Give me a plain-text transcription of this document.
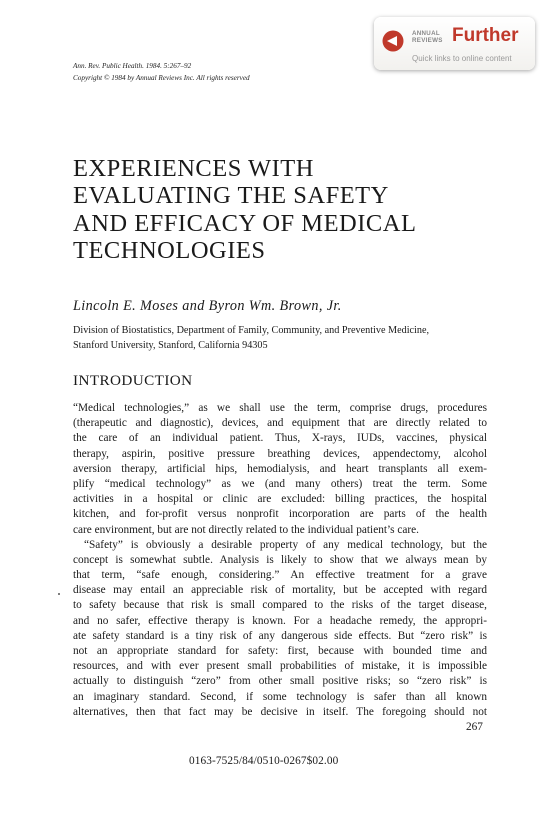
Ann. Rev. Public Health. 1984. 5:267–92
Copyright © 1984 by Annual Reviews Inc. All rights reserved
ANNUAL
REVIEWS Further
Quick links to online content
EXPERIENCES WITH
EVALUATING THE SAFETY
AND EFFICACY OF MEDICAL
TECHNOLOGIES
Lincoln E. Moses and Byron Wm. Brown, Jr.
Division of Biostatistics, Department of Family, Community, and Preventive Medicine,
Stanford University, Stanford, California 94305
INTRODUCTION

“Medical technologies,” as we shall use the term, comprise drugs, procedures
(therapeutic and diagnostic), devices, and equipment that are directly related to
the care of an individual patient. Thus, X-rays, IUDs, vaccines, physical
therapy, aspirin, positive pressure breathing devices, appendectomy, alcohol
aversion therapy, artificial hips, hemodialysis, and heart transplants all exem-
plify “medical technology” as we (and many others) treat the term. Some
activities in a hospital or clinic are excluded: billing practices, the hospital
kitchen, and for-profit versus nonprofit incorporation are parts of the health
care environment, but are not directly related to the individual patient’s care.

“Safety” is obviously a desirable property of any medical technology, but the
concept is somewhat subtle. Analysis is likely to show that we always mean by
that term, “safe enough, considering.” An effective treatment for a grave
disease may entail an appreciable risk of mortality, but be accepted with regard
to safety because that risk is small compared to the risks of the target disease,
and no safer, effective therapy is known. For a headache remedy, the appropri-
ate safety standard is a tiny risk of any dangerous side effects. But “zero risk” is
not an appropriate standard for safety: first, because with bounded time and
resources, and with ever present small probabilities of mistake, it is impossible
actually to distinguish “zero” from other small positive risks; so “zero risk” is
an imaginary standard. Second, if some technology is safer than all known
alternatives, then that fact may be decisive in itself. The foregoing should not

267
0163-7525/84/0510-0267$02.00
